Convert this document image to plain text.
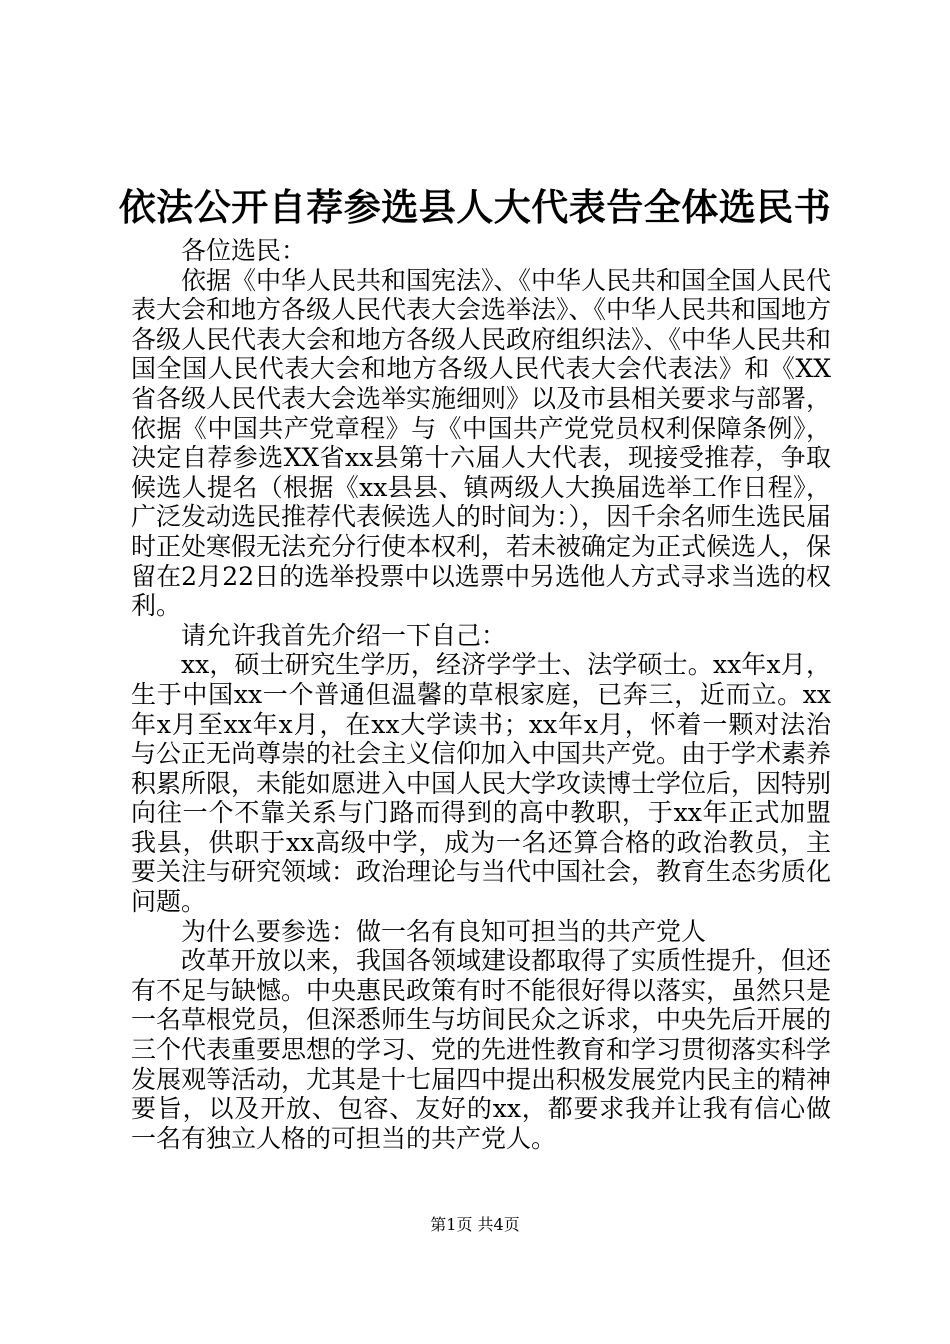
依法公开自荐参选县人大代表告全体选民书

各位选民：

依据《中华人民共和国宪法》、《中华人民共和国全国人民代表大会和地方各级人民代表大会选举法》、《中华人民共和国地方各级人民代表大会和地方各级人民政府组织法》、《中华人民共和国全国人民代表大会和地方各级人民代表大会代表法》和《XX省各级人民代表大会选举实施细则》以及市县相关要求与部署，依据《中国共产党章程》与《中国共产党党员权利保障条例》，决定自荐参选XX省xx县第十六届人大代表，现接受推荐，争取候选人提名（根据《xx县县、镇两级人大换届选举工作日程》，广泛发动选民推荐代表候选人的时间为：），因千余名师生选民届时正处寒假无法充分行使本权利，若未被确定为正式候选人，保留在2月22日的选举投票中以选票中另选他人方式寻求当选的权利。

请允许我首先介绍一下自己：

xx，硕士研究生学历，经济学学士、法学硕士。xx年x月，生于中国xx一个普通但温馨的草根家庭，已奔三，近而立。xx年x月至xx年x月，在xx大学读书；xx年x月，怀着一颗对法治与公正无尚尊崇的社会主义信仰加入中国共产党。由于学术素养积累所限，未能如愿进入中国人民大学攻读博士学位后，因特别向往一个不靠关系与门路而得到的高中教职，于xx年正式加盟我县，供职于xx高级中学，成为一名还算合格的政治教员，主要关注与研究领域：政治理论与当代中国社会，教育生态劣质化问题。

为什么要参选：做一名有良知可担当的共产党人

改革开放以来，我国各领域建设都取得了实质性提升，但还有不足与缺憾。中央惠民政策有时不能很好得以落实，虽然只是一名草根党员，但深悉师生与坊间民众之诉求，中央先后开展的三个代表重要思想的学习、党的先进性教育和学习贯彻落实科学发展观等活动，尤其是十七届四中提出积极发展党内民主的精神要旨，以及开放、包容、友好的xx，都要求我并让我有信心做一名有独立人格的可担当的共产党人。

第1页 共4页
